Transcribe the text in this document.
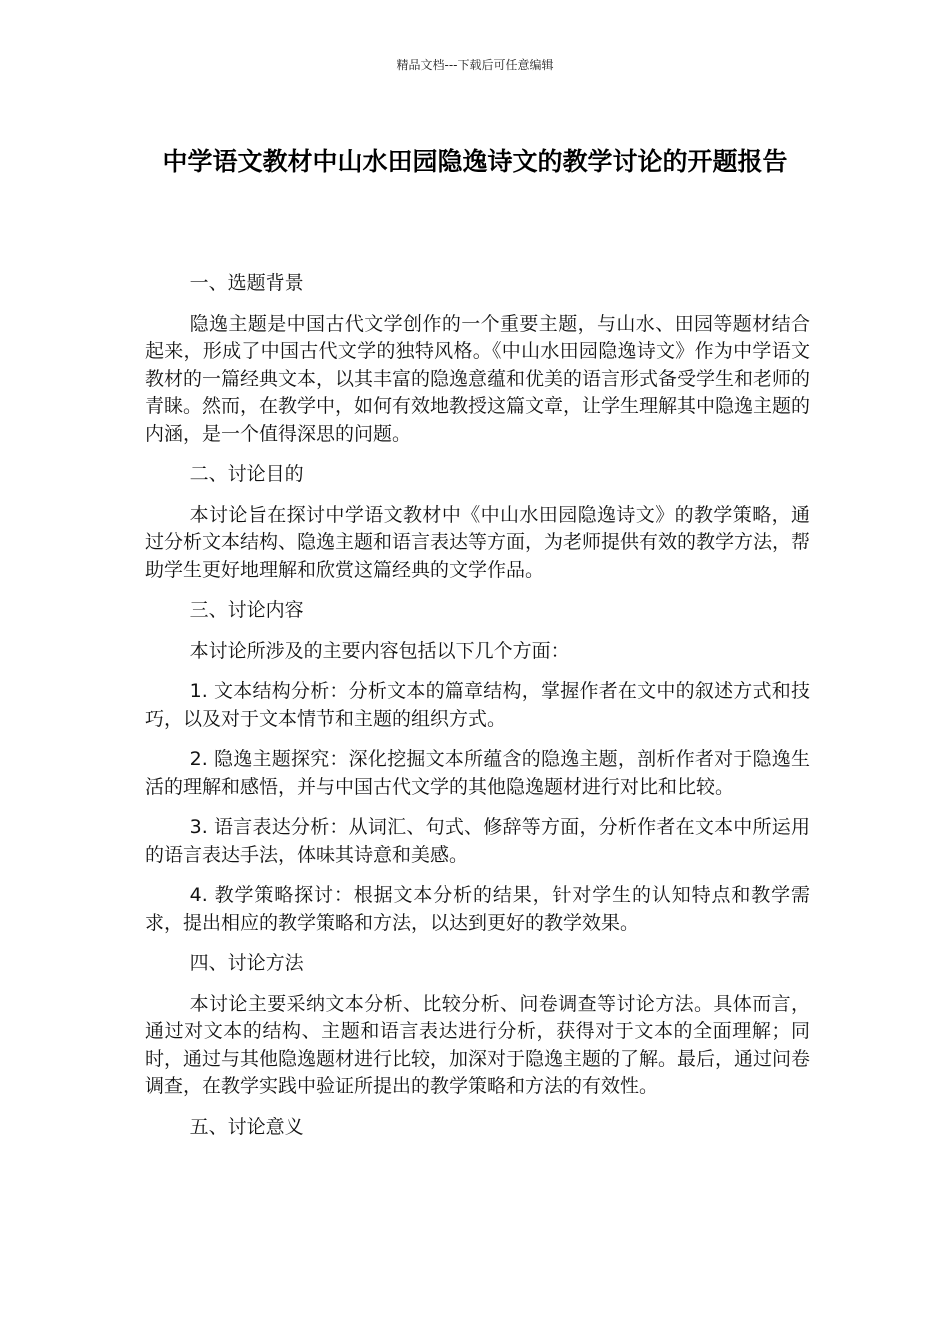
精品文档---下载后可任意编辑
中学语文教材中山水田园隐逸诗文的教学讨论的开题报告

一、选题背景

隐逸主题是中国古代文学创作的一个重要主题，与山水、田园等题材结合起来，形成了中国古代文学的独特风格。《中山水田园隐逸诗文》作为中学语文教材的一篇经典文本，以其丰富的隐逸意蕴和优美的语言形式备受学生和老师的青睐。然而，在教学中，如何有效地教授这篇文章，让学生理解其中隐逸主题的内涵，是一个值得深思的问题。

二、讨论目的

本讨论旨在探讨中学语文教材中《中山水田园隐逸诗文》的教学策略，通过分析文本结构、隐逸主题和语言表达等方面，为老师提供有效的教学方法，帮助学生更好地理解和欣赏这篇经典的文学作品。

三、讨论内容

本讨论所涉及的主要内容包括以下几个方面：

1. 文本结构分析：分析文本的篇章结构，掌握作者在文中的叙述方式和技巧，以及对于文本情节和主题的组织方式。

2. 隐逸主题探究：深化挖掘文本所蕴含的隐逸主题，剖析作者对于隐逸生活的理解和感悟，并与中国古代文学的其他隐逸题材进行对比和比较。

3. 语言表达分析：从词汇、句式、修辞等方面，分析作者在文本中所运用的语言表达手法，体味其诗意和美感。

4. 教学策略探讨：根据文本分析的结果，针对学生的认知特点和教学需求，提出相应的教学策略和方法，以达到更好的教学效果。

四、讨论方法

本讨论主要采纳文本分析、比较分析、问卷调查等讨论方法。具体而言，通过对文本的结构、主题和语言表达进行分析，获得对于文本的全面理解；同时，通过与其他隐逸题材进行比较，加深对于隐逸主题的了解。最后，通过问卷调查，在教学实践中验证所提出的教学策略和方法的有效性。

五、讨论意义
